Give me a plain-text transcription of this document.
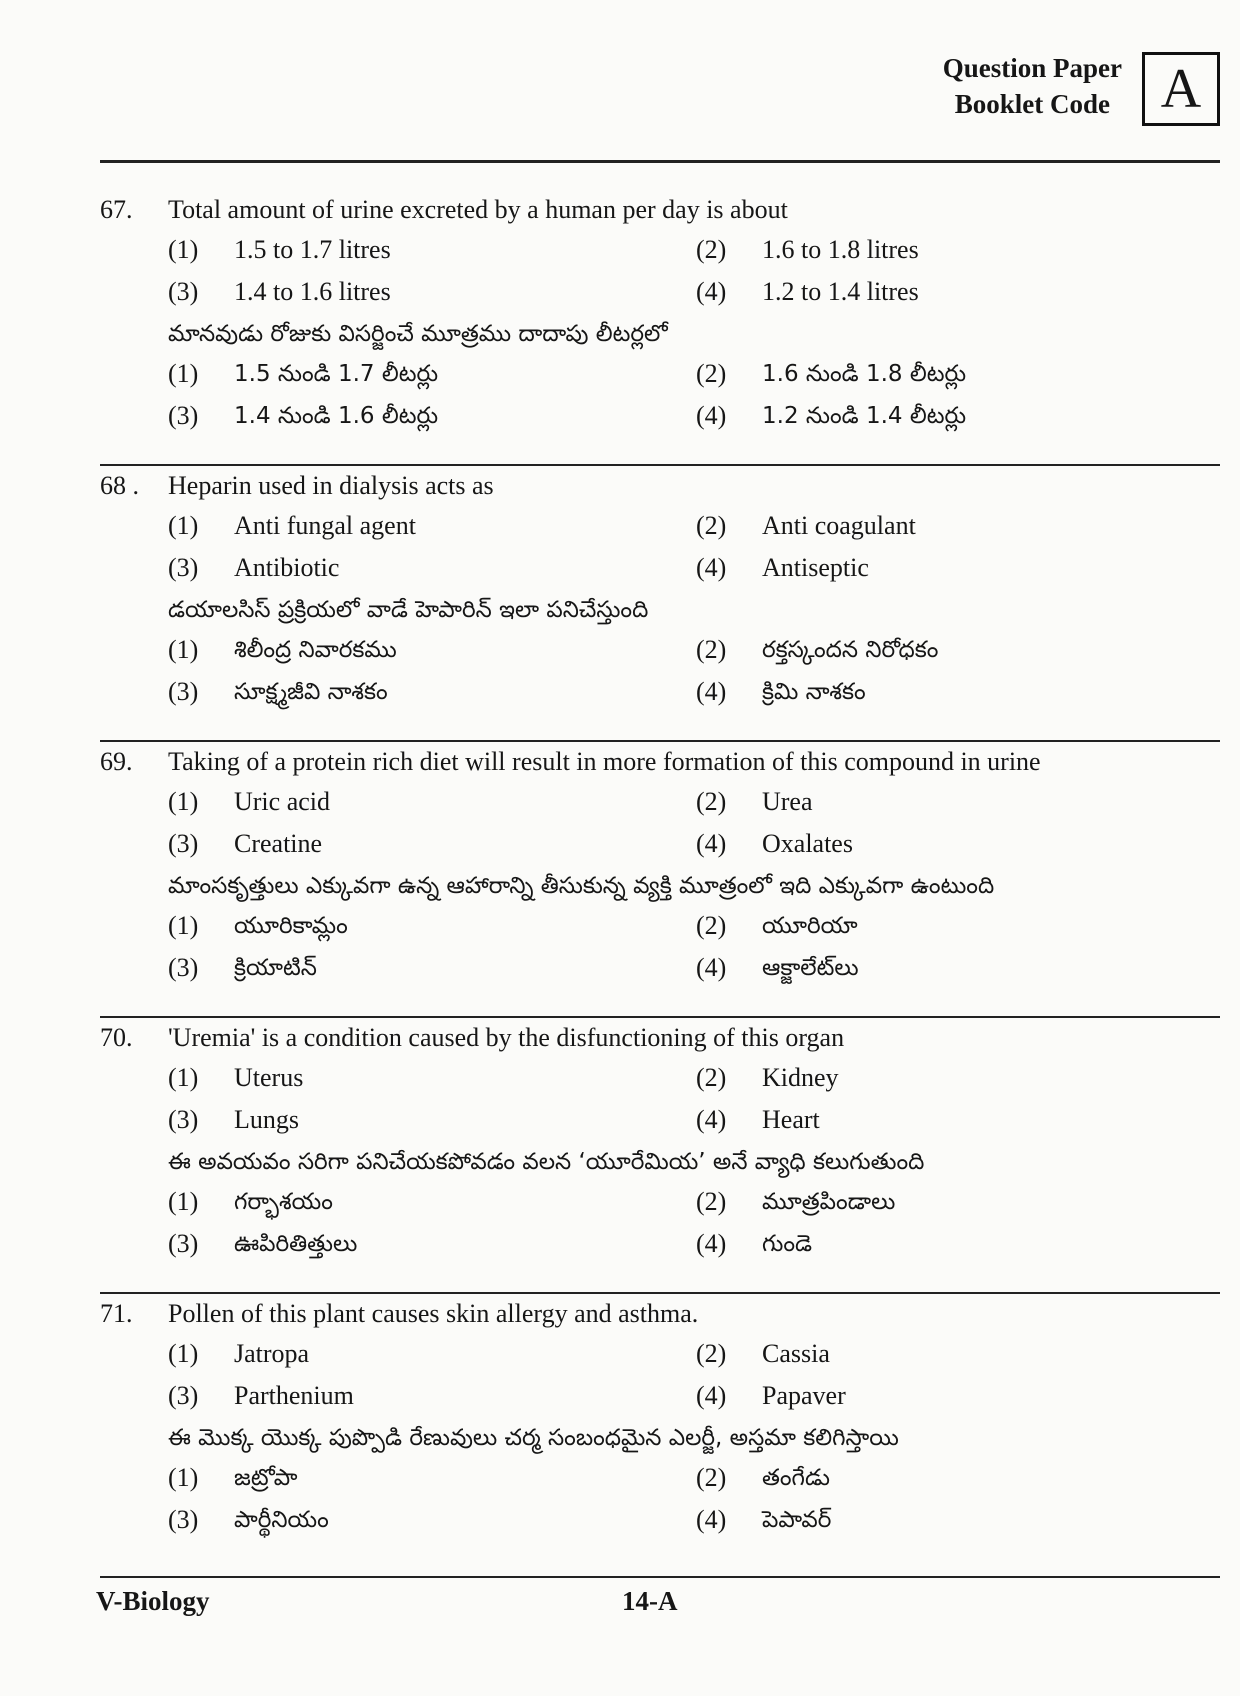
Question Paper
Booklet Code A
67.	Total amount of urine excreted by a human per day is about
(1) 1.5 to 1.7 litres	(2) 1.6 to 1.8 litres
(3) 1.4 to 1.6 litres	(4) 1.2 to 1.4 litres
మానవుడు రోజుకు విసర్జించే మూత్రము దాదాపు లీటర్లలో
(1) 1.5 నుండి 1.7 లీటర్లు	(2) 1.6 నుండి 1.8 లీటర్లు
(3) 1.4 నుండి 1.6 లీటర్లు	(4) 1.2 నుండి 1.4 లీటర్లు
68 .	Heparin used in dialysis acts as
(1) Anti fungal agent	(2) Anti coagulant
(3) Antibiotic	(4) Antiseptic
డయాలసిస్ ప్రక్రియలో వాడే హెపారిన్ ఇలా పనిచేస్తుంది
(1) శిలీంద్ర నివారకము	(2) రక్తస్కందన నిరోధకం
(3) సూక్ష్మజీవి నాశకం	(4) క్రిమి నాశకం
69.	Taking of a protein rich diet will result in more formation of this compound in urine
(1) Uric acid	(2) Urea
(3) Creatine	(4) Oxalates
మాంసకృత్తులు ఎక్కువగా ఉన్న ఆహారాన్ని తీసుకున్న వ్యక్తి మూత్రంలో ఇది ఎక్కువగా ఉంటుంది
(1) యూరికామ్లం	(2) యూరియా
(3) క్రియాటిన్	(4) ఆక్జాలేట్‌లు
70.	'Uremia' is a condition caused by the disfunctioning of this organ
(1) Uterus	(2) Kidney
(3) Lungs	(4) Heart
ఈ అవయవం సరిగా పనిచేయకపోవడం వలన ‘యూరేమియ’ అనే వ్యాధి కలుగుతుంది
(1) గర్భాశయం	(2) మూత్రపిండాలు
(3) ఊపిరితిత్తులు	(4) గుండె
71.	Pollen of this plant causes skin allergy and asthma.
(1) Jatropa	(2) Cassia
(3) Parthenium	(4) Papaver
ఈ మొక్క యొక్క పుప్పొడి రేణువులు చర్మ సంబంధమైన ఎలర్జీ, అస్తమా కలిగిస్తాయి
(1) జట్రోపా	(2) తంగేడు
(3) పార్థీనియం	(4) పెపావర్
V-Biology	14-A
